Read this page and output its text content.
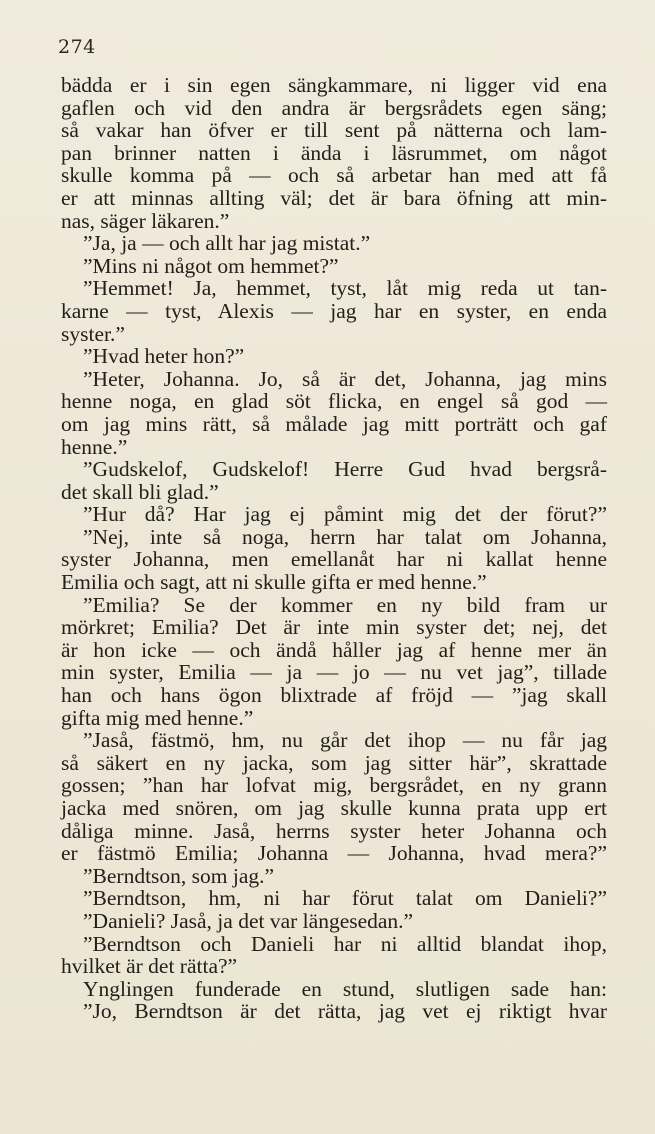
274
bädda er i sin egen sängkammare, ni ligger vid ena
gaflen och vid den andra är bergsrådets egen säng;
så vakar han öfver er till sent på nätterna och lam-
pan brinner natten i ända i läsrummet, om något
skulle komma på — och så arbetar han med att få
er att minnas allting väl; det är bara öfning att min-
nas, säger läkaren.”
”Ja, ja — och allt har jag mistat.”
”Mins ni något om hemmet?”
”Hemmet! Ja, hemmet, tyst, låt mig reda ut tan-
karne — tyst, Alexis — jag har en syster, en enda
syster.”
”Hvad heter hon?”
”Heter, Johanna. Jo, så är det, Johanna, jag mins
henne noga, en glad söt flicka, en engel så god —
om jag mins rätt, så målade jag mitt porträtt och gaf
henne.”
”Gudskelof, Gudskelof! Herre Gud hvad bergsrå-
det skall bli glad.”
”Hur då? Har jag ej påmint mig det der förut?”
”Nej, inte så noga, herrn har talat om Johanna,
syster Johanna, men emellanåt har ni kallat henne
Emilia och sagt, att ni skulle gifta er med henne.”
”Emilia? Se der kommer en ny bild fram ur
mörkret; Emilia? Det är inte min syster det; nej, det
är hon icke — och ändå håller jag af henne mer än
min syster, Emilia — ja — jo — nu vet jag”, tillade
han och hans ögon blixtrade af fröjd — ”jag skall
gifta mig med henne.”
”Jaså, fästmö, hm, nu går det ihop — nu får jag
så säkert en ny jacka, som jag sitter här”, skrattade
gossen; ”han har lofvat mig, bergsrådet, en ny grann
jacka med snören, om jag skulle kunna prata upp ert
dåliga minne. Jaså, herrns syster heter Johanna och
er fästmö Emilia; Johanna — Johanna, hvad mera?”
”Berndtson, som jag.”
”Berndtson, hm, ni har förut talat om Danieli?”
”Danieli? Jaså, ja det var längesedan.”
”Berndtson och Danieli har ni alltid blandat ihop,
hvilket är det rätta?”
Ynglingen funderade en stund, slutligen sade han:
”Jo, Berndtson är det rätta, jag vet ej riktigt hvar
